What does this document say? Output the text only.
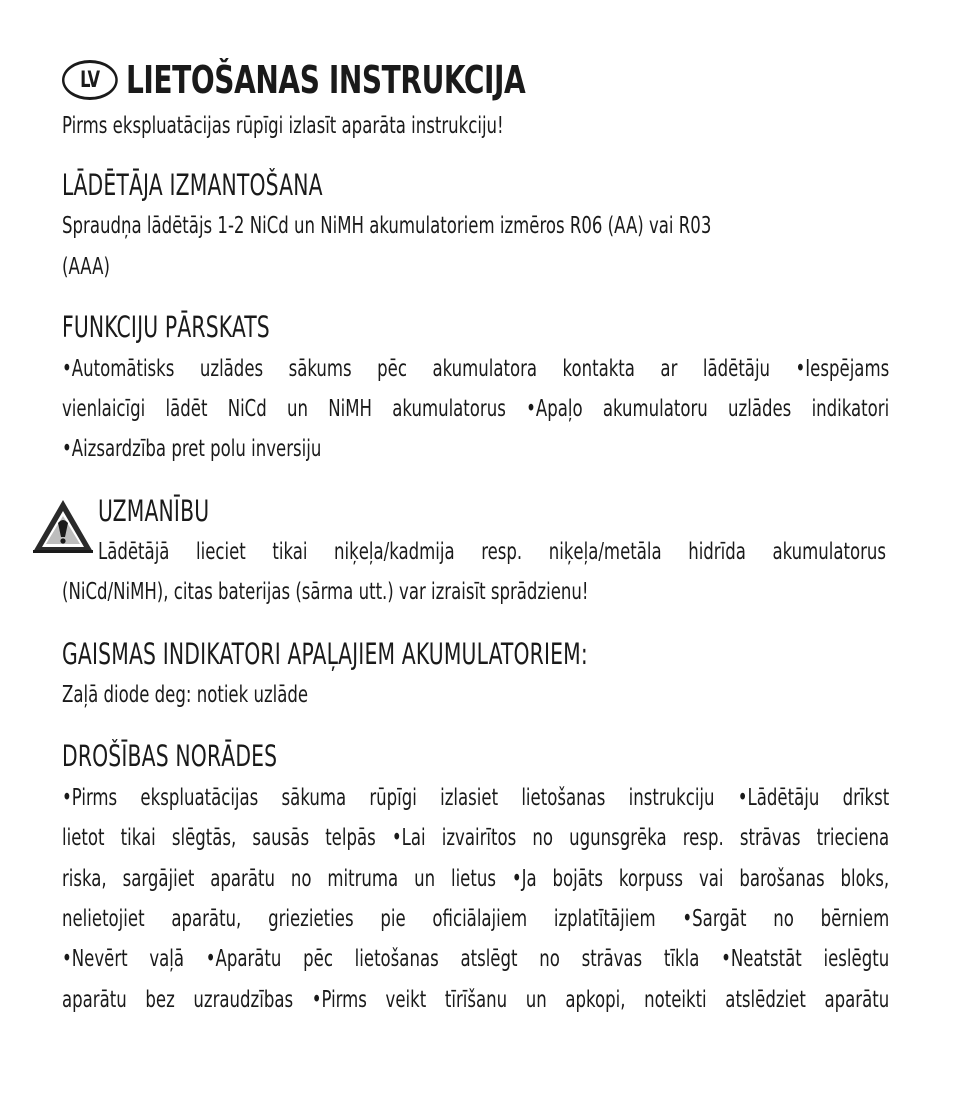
LV LIETOŠANAS INSTRUKCIJA

Pirms ekspluatācijas rūpīgi izlasīt aparāta instrukciju!

LĀDĒTĀJA IZMANTOŠANA

Spraudņa lādētājs 1-2 NiCd un NiMH akumulatoriem izmēros R06 (AA) vai R03

(AAA)

FUNKCIJU PĀRSKATS

•Automātisks uzlādes sākums pēc akumulatora kontakta ar lādētāju •Iespējams

vienlaicīgi lādēt NiCd un NiMH akumulatorus •Apaļo akumulatoru uzlādes indikatori

•Aizsardzība pret polu inversiju

UZMANĪBU

Lādētājā lieciet tikai niķeļa/kadmija resp. niķeļa/metāla hidrīda akumulatorus

(NiCd/NiMH), citas baterijas (sārma utt.) var izraisīt sprādzienu!

GAISMAS INDIKATORI APAĻAJIEM AKUMULATORIEM:

Zaļā diode deg: notiek uzlāde

DROŠĪBAS NORĀDES

•Pirms ekspluatācijas sākuma rūpīgi izlasiet lietošanas instrukciju •Lādētāju drīkst

lietot tikai slēgtās, sausās telpās •Lai izvairītos no ugunsgrēka resp. strāvas trieciena

riska, sargājiet aparātu no mitruma un lietus •Ja bojāts korpuss vai barošanas bloks,

nelietojiet aparātu, griezieties pie oficiālajiem izplatītājiem •Sargāt no bērniem

•Nevērt vaļā •Aparātu pēc lietošanas atslēgt no strāvas tīkla •Neatstāt ieslēgtu

aparātu bez uzraudzības •Pirms veikt tīrīšanu un apkopi, noteikti atslēdziet aparātu
